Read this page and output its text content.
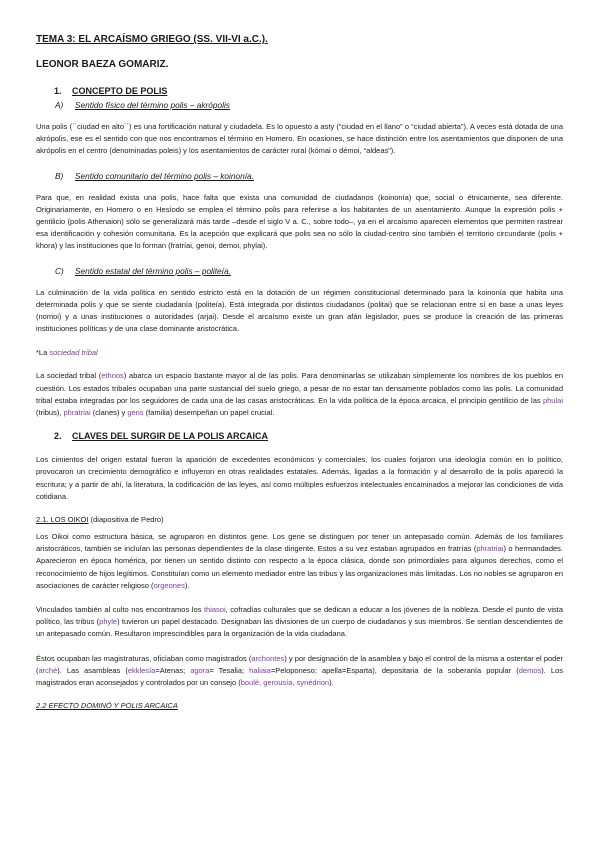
TEMA 3: EL ARCAÍSMO GRIEGO (SS. VII-VI a.C.).
LEONOR BAEZA GOMARIZ.
1. CONCEPTO DE POLIS
A) Sentido físico del término polis – akrópolis

Una polis (``ciudad en alto´´) es una fortificación natural y ciudadela. Es lo opuesto a asty (“ciudad en el llano” o “ciudad abierta”). A veces está dotada de una akrópolis, ese es el sentido con que nos encontramos el término en Homero. En ocasiones, se hace distinción entre los asentamientos que disponen de una akrópolis en el centro (denominadas poleis) y los asentamientos de carácter rural (kómai o démoi, “aldeas”).

B) Sentido comunitario del término polis – koinonía.

Para que, en realidad exista una polis, hace falta que exista una comunidad de ciudadanos (koinonía) que, social o étnicamente, sea diferente. Originariamente, en Homero o en Hesíodo se emplea el término polis para referirse a los habitantes de un asentamiento. Aunque la expresión polis + gentilicio (polis Athenaion) sólo se generalizará más tarde –desde el siglo V a. C., sobre todo–, ya en el arcaísmo aparecen elementos que permiten rastrear esa identificación y cohesión comunitaria. Es la acepción que explicará que polis sea no sólo la ciudad-centro sino también el territorio circundante (polis + khora) y las instituciones que lo forman (fratríai, genoi, demoi, phylai).

C) Sentido estatal del término polis – politeía.

La culminación de la vida política en sentido estricto está en la dotación de un régimen constitucional determinado para la koinonía que habita una determinada polis y que se siente ciudadanía (politeía). Está integrada por distintos ciudadanos (politai) que se relacionan entre sí en base a unas leyes (nomoi) y a unas instituciones o autoridades (arjai). Desde el arcaísmo existe un gran afán legislador, pues se produce la creación de las primeras instituciones políticas y de una clase dominante aristocrática.

*La sociedad tribal

La sociedad tribal (ethnos) abarca un espacio bastante mayor al de las polis. Para denominarlas se utilizaban simplemente los nombres de los pueblos en cuestión. Los estados tribales ocupaban una parte sustancial del suelo griego, a pesar de no estar tan densamente poblados como las polis. La comunidad tribal estaba integradas por los seguidores de cada una de las casas aristocráticas. En la vida política de la época arcaica, el principio gentilicio de las phulai (tribus), phratriai (clanes) y gens (familia) desempeñan un papel crucial.

2. CLAVES DEL SURGIR DE LA POLIS ARCAICA

Los cimientos del origen estatal fueron la aparición de excedentes económicos y comerciales, los cuales forjaron una ideología común en lo político, provocaron un crecimiento demográfico e influyeron en otras realidades estatales. Además, ligadas a la formación y al desarrollo de la polis apareció la escritura; y a partir de ahí, la literatura, la codificación de las leyes, así como múltiples esfuerzos intelectuales encaminados a mejorar las condiciones de vida cotidiana.

2.1. LOS OIKOI (diapositiva de Pedro)

Los Oikoi como estructura básica, se agruparon en distintos gene. Los gene se distinguen por tener un antepasado común. Además de los familiares aristocráticos, también se incluían las personas dependientes de la clase dirigente. Estos a su vez estaban agrupados en fratrías (phratriai) o hermandades. Aparecieron en época homérica, por tienen un sentido distinto con respecto a la época clásica, donde son primordiales para algunos derechos, como el reconocimiento de hijos legítimos. Constituían como un elemento mediador entre las tribus y las organizaciones más limitadas. Los no nobles se agruparon en asociaciones de carácter religioso (orgeones).

Vinculados también al culto nos encontramos los thiasoi, cofradías culturales que se dedican a educar a los jóvenes de la nobleza. Desde el punto de vista político, las tribus (phyle) tuvieron un papel destacado. Designaban las divisiones de un cuerpo de ciudadanos y sus miembros. Se sentían descendientes de un antepasado común. Resultaron imprescindibles para la organización de la vida ciudadana.

Éstos ocupaban las magistraturas, oficiaban como magistrados (archontes) y por designación de la asamblea y bajo el control de la misma a ostentar el poder (arché). Las asambleas (ekklesía=Atenas; agora= Tesalia; haliaia=Peloponeso; apella=Esparta), depositaria de la soberanía popular (demos). Los magistrados eran aconsejados y controlados por un consejo (boulé, gerousía, synédrion).

2.2 EFECTO DOMINÓ Y POLIS ARCAICA
